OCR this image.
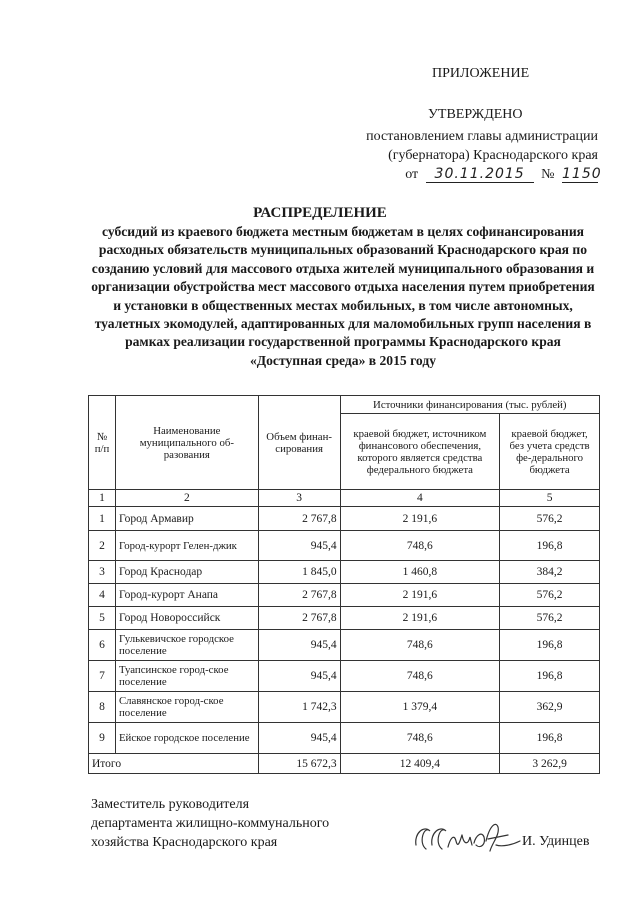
ПРИЛОЖЕНИЕ
УТВЕРЖДЕНО
постановлением главы администрации
(губернатора) Краснодарского края
от 30.11.2015 № 1150
РАСПРЕДЕЛЕНИЕ
субсидий из краевого бюджета местным бюджетам в целях софинансирования расходных обязательств муниципальных образований Краснодарского края по созданию условий для массового отдыха жителей муниципального образования и организации обустройства мест массового отдыха населения путем приобретения и установки в общественных местах мобильных, в том числе автономных, туалетных экомодулей, адаптированных для маломобильных групп населения в рамках реализации государственной программы Краснодарского края «Доступная среда» в 2015 году
№ п/п	Наименование муниципального об-разования	Объем финан-сирования	Источники финансирования (тыс. рублей)	
			краевой бюджет, источником финансового обеспечения, которого является средства федерального бюджета	краевой бюджет, без учета средств фе-дерального бюджета
1	2	3	4	5
1	Город Армавир	2 767,8	2 191,6	576,2
2	Город-курорт Гелен-джик	945,4	748,6	196,8
3	Город Краснодар	1 845,0	1 460,8	384,2
4	Город-курорт Анапа	2 767,8	2 191,6	576,2
5	Город Новороссийск	2 767,8	2 191,6	576,2
6	Гулькевичское городское поселение	945,4	748,6	196,8
7	Туапсинское город-ское поселение	945,4	748,6	196,8
8	Славянское город-ское поселение	1 742,3	1 379,4	362,9
9	Ейское городское поселение	945,4	748,6	196,8
Итого		15 672,3	12 409,4	3 262,9
Заместитель руководителя
департамента жилищно-коммунального
хозяйства Краснодарского края	И. Удинцев
